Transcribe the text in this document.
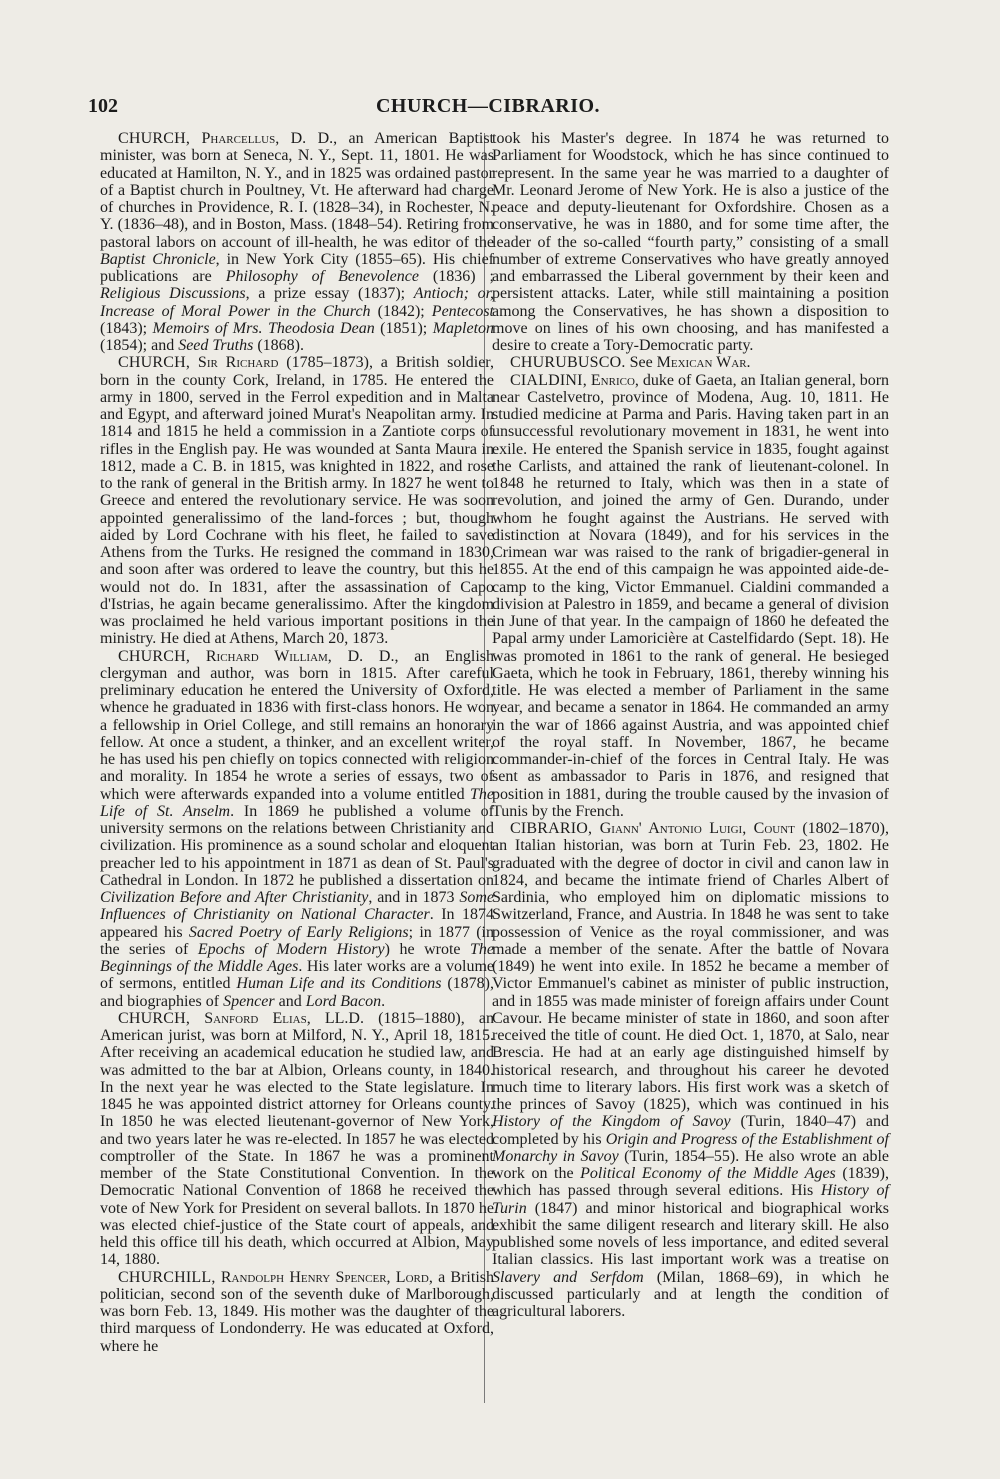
102	CHURCH—CIBRARIO.

CHURCH, Pharcellus, D. D., an American Baptist minister, was born at Seneca, N. Y., Sept. 11, 1801. He was educated at Hamilton, N. Y., and in 1825 was ordained pastor of a Baptist church in Poultney, Vt. He afterward had charge of churches in Providence, R. I. (1828–34), in Rochester, N. Y. (1836–48), and in Boston, Mass. (1848–54). Retiring from pastoral labors on account of ill-health, he was editor of the Baptist Chronicle, in New York City (1855–65). His chief publications are Philosophy of Benevolence (1836) ; Religious Discussions, a prize essay (1837); Antioch; or, Increase of Moral Power in the Church (1842); Pentecost (1843); Memoirs of Mrs. Theodosia Dean (1851); Mapleton (1854); and Seed Truths (1868).

CHURCH, Sir Richard (1785–1873), a British soldier, born in the county Cork, Ireland, in 1785. He entered the army in 1800, served in the Ferrol expedition and in Malta and Egypt, and afterward joined Murat's Neapolitan army. In 1814 and 1815 he held a commission in a Zantiote corps of rifles in the English pay. He was wounded at Santa Maura in 1812, made a C. B. in 1815, was knighted in 1822, and rose to the rank of general in the British army. In 1827 he went to Greece and entered the revolutionary service. He was soon appointed generalissimo of the land-forces ; but, though aided by Lord Cochrane with his fleet, he failed to save Athens from the Turks. He resigned the command in 1830, and soon after was ordered to leave the country, but this he would not do. In 1831, after the assassination of Capo d'Istrias, he again became generalissimo. After the kingdom was proclaimed he held various important positions in the ministry. He died at Athens, March 20, 1873.

CHURCH, Richard William, D. D., an English clergyman and author, was born in 1815. After careful preliminary education he entered the University of Oxford, whence he graduated in 1836 with first-class honors. He won a fellowship in Oriel College, and still remains an honorary fellow. At once a student, a thinker, and an excellent writer, he has used his pen chiefly on topics connected with religion and morality. In 1854 he wrote a series of essays, two of which were afterwards expanded into a volume entitled The Life of St. Anselm. In 1869 he published a volume of university sermons on the relations between Christianity and civilization. His prominence as a sound scholar and eloquent preacher led to his appointment in 1871 as dean of St. Paul's Cathedral in London. In 1872 he published a dissertation on Civilization Before and After Christianity, and in 1873 Some Influences of Christianity on National Character. In 1874 appeared his Sacred Poetry of Early Religions; in 1877 (in the series of Epochs of Modern History) he wrote The Beginnings of the Middle Ages. His later works are a volume of sermons, entitled Human Life and its Conditions (1878), and biographies of Spencer and Lord Bacon.

CHURCH, Sanford Elias, LL.D. (1815–1880), an American jurist, was born at Milford, N. Y., April 18, 1815. After receiving an academical education he studied law, and was admitted to the bar at Albion, Orleans county, in 1840. In the next year he was elected to the State legislature. In 1845 he was appointed district attorney for Orleans county. In 1850 he was elected lieutenant-governor of New York, and two years later he was re-elected. In 1857 he was elected comptroller of the State. In 1867 he was a prominent member of the State Constitutional Convention. In the Democratic National Convention of 1868 he received the vote of New York for President on several ballots. In 1870 he was elected chief-justice of the State court of appeals, and held this office till his death, which occurred at Albion, May 14, 1880.

CHURCHILL, Randolph Henry Spencer, Lord, a British politician, second son of the seventh duke of Marlborough, was born Feb. 13, 1849. His mother was the daughter of the third marquess of Londonderry. He was educated at Oxford, where he

took his Master's degree. In 1874 he was returned to Parliament for Woodstock, which he has since continued to represent. In the same year he was married to a daughter of Mr. Leonard Jerome of New York. He is also a justice of the peace and deputy-lieutenant for Oxfordshire. Chosen as a conservative, he was in 1880, and for some time after, the leader of the so-called “fourth party,” consisting of a small number of extreme Conservatives who have greatly annoyed and embarrassed the Liberal government by their keen and persistent attacks. Later, while still maintaining a position among the Conservatives, he has shown a disposition to move on lines of his own choosing, and has manifested a desire to create a Tory-Democratic party.

CHURUBUSCO. See Mexican War.

CIALDINI, Enrico, duke of Gaeta, an Italian general, born near Castelvetro, province of Modena, Aug. 10, 1811. He studied medicine at Parma and Paris. Having taken part in an unsuccessful revolutionary movement in 1831, he went into exile. He entered the Spanish service in 1835, fought against the Carlists, and attained the rank of lieutenant-colonel. In 1848 he returned to Italy, which was then in a state of revolution, and joined the army of Gen. Durando, under whom he fought against the Austrians. He served with distinction at Novara (1849), and for his services in the Crimean war was raised to the rank of brigadier-general in 1855. At the end of this campaign he was appointed aide-de-camp to the king, Victor Emmanuel. Cialdini commanded a division at Palestro in 1859, and became a general of division in June of that year. In the campaign of 1860 he defeated the Papal army under Lamoricière at Castelfidardo (Sept. 18). He was promoted in 1861 to the rank of general. He besieged Gaeta, which he took in February, 1861, thereby winning his title. He was elected a member of Parliament in the same year, and became a senator in 1864. He commanded an army in the war of 1866 against Austria, and was appointed chief of the royal staff. In November, 1867, he became commander-in-chief of the forces in Central Italy. He was sent as ambassador to Paris in 1876, and resigned that position in 1881, during the trouble caused by the invasion of Tunis by the French.

CIBRARIO, Giann' Antonio Luigi, Count (1802–1870), an Italian historian, was born at Turin Feb. 23, 1802. He graduated with the degree of doctor in civil and canon law in 1824, and became the intimate friend of Charles Albert of Sardinia, who employed him on diplomatic missions to Switzerland, France, and Austria. In 1848 he was sent to take possession of Venice as the royal commissioner, and was made a member of the senate. After the battle of Novara (1849) he went into exile. In 1852 he became a member of Victor Emmanuel's cabinet as minister of public instruction, and in 1855 was made minister of foreign affairs under Count Cavour. He became minister of state in 1860, and soon after received the title of count. He died Oct. 1, 1870, at Salo, near Brescia. He had at an early age distinguished himself by historical research, and throughout his career he devoted much time to literary labors. His first work was a sketch of the princes of Savoy (1825), which was continued in his History of the Kingdom of Savoy (Turin, 1840–47) and completed by his Origin and Progress of the Establishment of Monarchy in Savoy (Turin, 1854–55). He also wrote an able work on the Political Economy of the Middle Ages (1839), which has passed through several editions. His History of Turin (1847) and minor historical and biographical works exhibit the same diligent research and literary skill. He also published some novels of less importance, and edited several Italian classics. His last important work was a treatise on Slavery and Serfdom (Milan, 1868–69), in which he discussed particularly and at length the condition of agricultural laborers.
